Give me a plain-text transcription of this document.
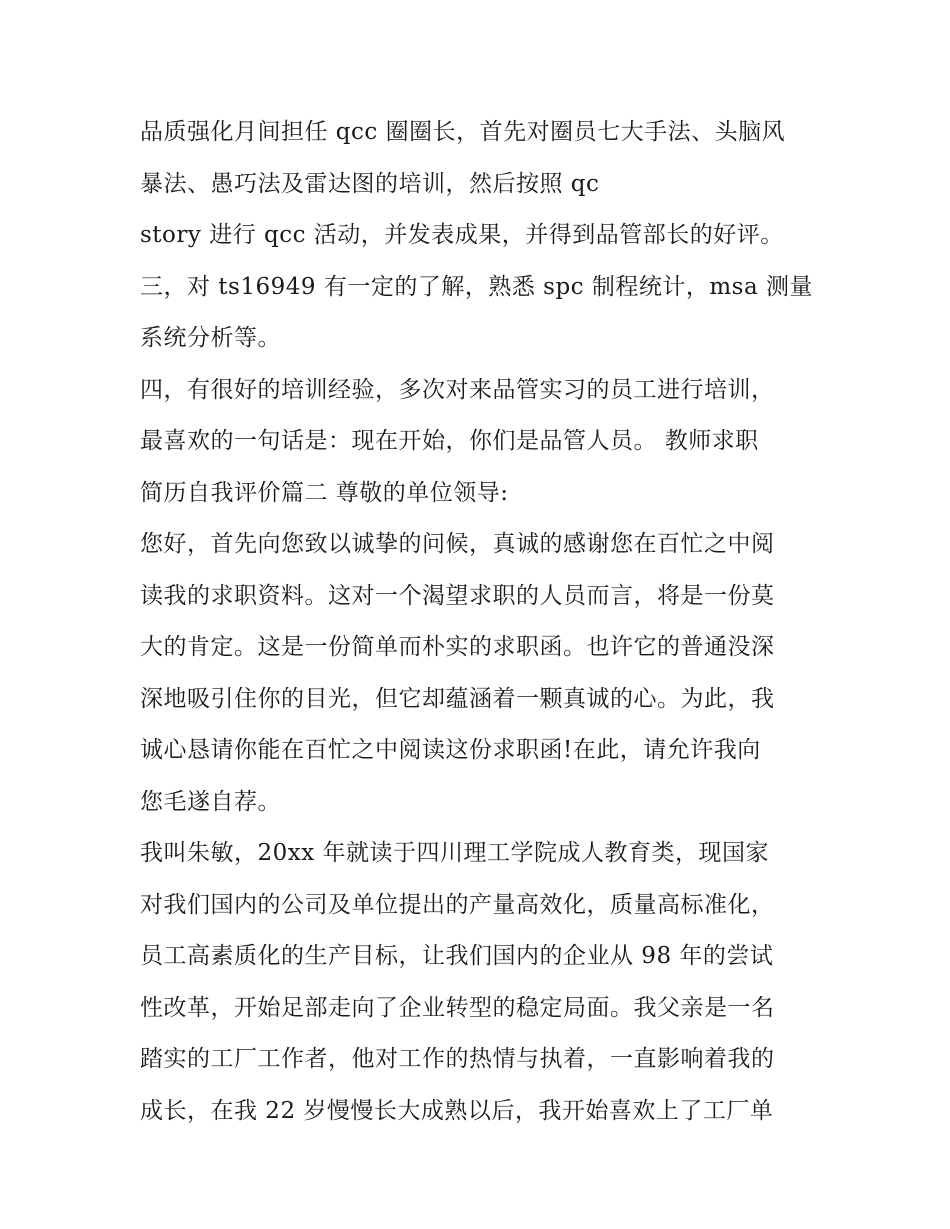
品质强化月间担任 qcc 圈圈长，首先对圈员七大手法、头脑风
暴法、愚巧法及雷达图的培训，然后按照 qc
story 进行 qcc 活动，并发表成果，并得到品管部长的好评。
三，对 ts16949 有一定的了解，熟悉 spc 制程统计，msa 测量
系统分析等。
四，有很好的培训经验，多次对来品管实习的员工进行培训，
最喜欢的一句话是：现在开始，你们是品管人员。 教师求职
简历自我评价篇二 尊敬的单位领导:
您好，首先向您致以诚挚的问候，真诚的感谢您在百忙之中阅
读我的求职资料。这对一个渴望求职的人员而言，将是一份莫
大的肯定。这是一份简单而朴实的求职函。也许它的普通没深
深地吸引住你的目光，但它却蕴涵着一颗真诚的心。为此，我
诚心恳请你能在百忙之中阅读这份求职函!在此，请允许我向
您毛遂自荐。
我叫朱敏，20xx 年就读于四川理工学院成人教育类，现国家
对我们国内的公司及单位提出的产量高效化，质量高标准化，
员工高素质化的生产目标，让我们国内的企业从 98 年的尝试
性改革，开始足部走向了企业转型的稳定局面。我父亲是一名
踏实的工厂工作者，他对工作的热情与执着，一直影响着我的
成长，在我 22 岁慢慢长大成熟以后，我开始喜欢上了工厂单
